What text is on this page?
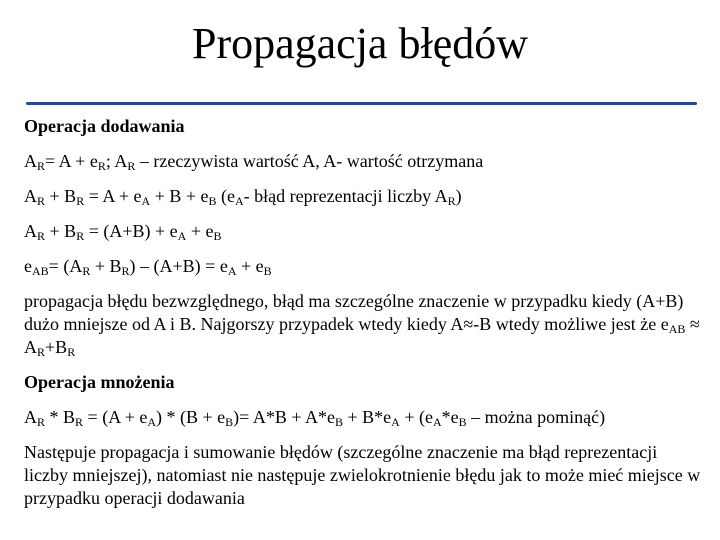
Propagacja błędów

Operacja dodawania

$A_R= A + e_R$; $A_R$ – rzeczywista wartość A, A- wartość otrzymana

$A_R + B_R = A + e_A + B + e_B$ ($e_A-$ błąd reprezentacji liczby $A_R$)

$A_R + B_R = (A+B) + e_A + e_B$

$e_{AB}= (A_R + B_R) - (A+B) = e_A + e_B$

propagacja błędu bezwzględnego, błąd ma szczególne znaczenie w przypadku kiedy (A+B) dużo mniejsze od A i B. Najgorszy przypadek wtedy kiedy A≈-B wtedy możliwe jest że $e_{AB} \approx A_R+B_R$

Operacja mnożenia

$A_R * B_R = (A + e_A) * (B + e_B)= A*B + A*e_B + B*e_A + (e_A*e_B$ – można pominąć)

Następuje propagacja i sumowanie błędów (szczególne znaczenie ma błąd reprezentacji liczby mniejszej), natomiast nie następuje zwielokrotnienie błędu jak to może mieć miejsce w przypadku operacji dodawania
